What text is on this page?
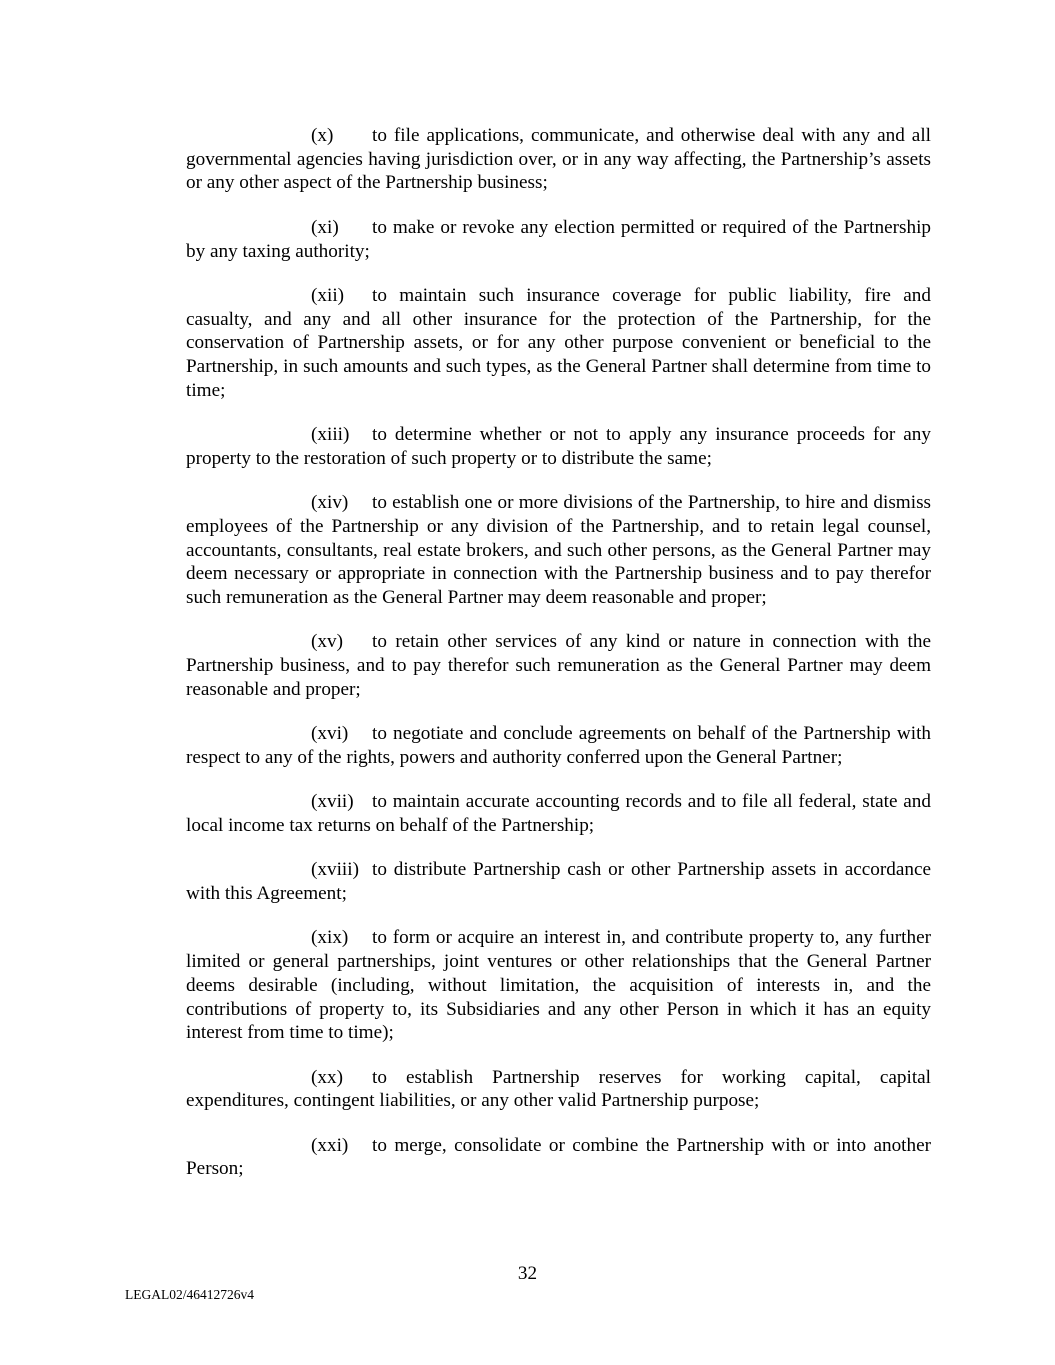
(x) to file applications, communicate, and otherwise deal with any and all governmental agencies having jurisdiction over, or in any way affecting, the Partnership’s assets or any other aspect of the Partnership business;

(xi) to make or revoke any election permitted or required of the Partnership by any taxing authority;

(xii) to maintain such insurance coverage for public liability, fire and casualty, and any and all other insurance for the protection of the Partnership, for the conservation of Partnership assets, or for any other purpose convenient or beneficial to the Partnership, in such amounts and such types, as the General Partner shall determine from time to time;

(xiii) to determine whether or not to apply any insurance proceeds for any property to the restoration of such property or to distribute the same;

(xiv) to establish one or more divisions of the Partnership, to hire and dismiss employees of the Partnership or any division of the Partnership, and to retain legal counsel, accountants, consultants, real estate brokers, and such other persons, as the General Partner may deem necessary or appropriate in connection with the Partnership business and to pay therefor such remuneration as the General Partner may deem reasonable and proper;

(xv) to retain other services of any kind or nature in connection with the Partnership business, and to pay therefor such remuneration as the General Partner may deem reasonable and proper;

(xvi) to negotiate and conclude agreements on behalf of the Partnership with respect to any of the rights, powers and authority conferred upon the General Partner;

(xvii) to maintain accurate accounting records and to file all federal, state and local income tax returns on behalf of the Partnership;

(xviii) to distribute Partnership cash or other Partnership assets in accordance with this Agreement;

(xix) to form or acquire an interest in, and contribute property to, any further limited or general partnerships, joint ventures or other relationships that the General Partner deems desirable (including, without limitation, the acquisition of interests in, and the contributions of property to, its Subsidiaries and any other Person in which it has an equity interest from time to time);

(xx) to establish Partnership reserves for working capital, capital expenditures, contingent liabilities, or any other valid Partnership purpose;

(xxi) to merge, consolidate or combine the Partnership with or into another Person;

32
LEGAL02/46412726v4
